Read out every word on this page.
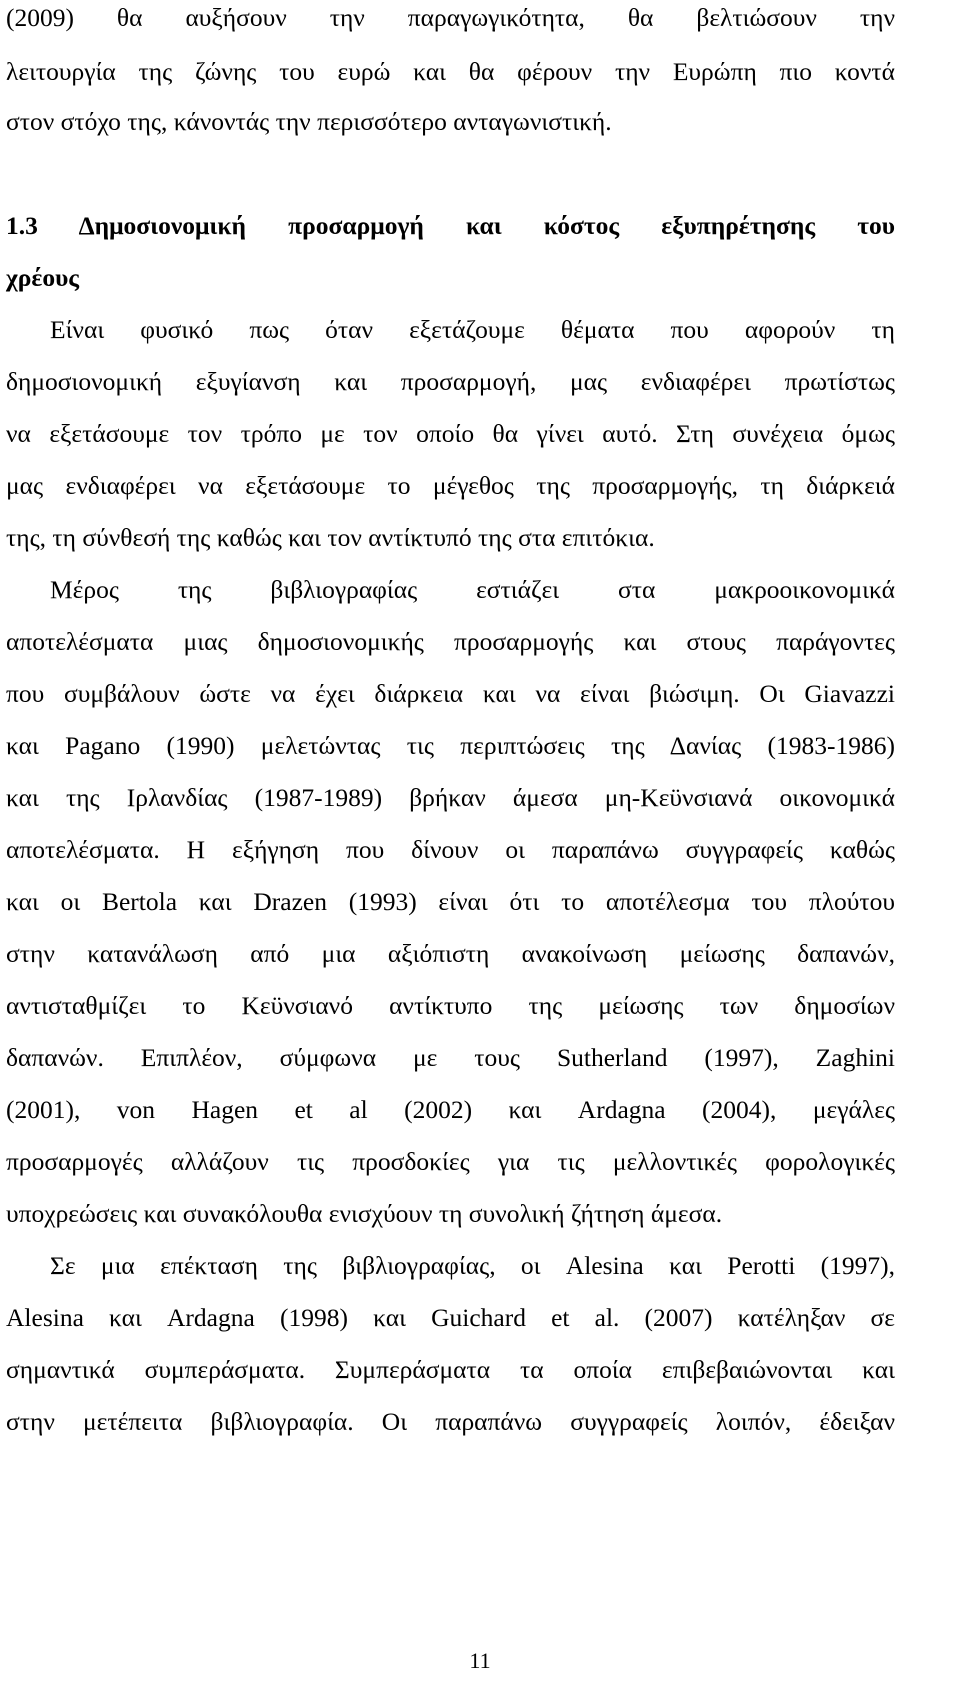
(2009) θα αυξήσουν την παραγωγικότητα, θα βελτιώσουν την
λειτουργία της ζώνης του ευρώ και θα φέρουν την Ευρώπη πιο κοντά
στον στόχο της, κάνοντάς την περισσότερο ανταγωνιστική.
1.3 Δημοσιονομική προσαρμογή και κόστος εξυπηρέτησης του
χρέους
Είναι φυσικό πως όταν εξετάζουμε θέματα που αφορούν τη
δημοσιονομική εξυγίανση και προσαρμογή, μας ενδιαφέρει πρωτίστως
να εξετάσουμε τον τρόπο με τον οποίο θα γίνει αυτό. Στη συνέχεια όμως
μας ενδιαφέρει να εξετάσουμε το μέγεθος της προσαρμογής, τη διάρκειά
της, τη σύνθεσή της καθώς και τον αντίκτυπό της στα επιτόκια.
Μέρος της βιβλιογραφίας εστιάζει στα μακροοικονομικά
αποτελέσματα μιας δημοσιονομικής προσαρμογής και στους παράγοντες
που συμβάλουν ώστε να έχει διάρκεια και να είναι βιώσιμη. Οι Giavazzi
και Pagano (1990) μελετώντας τις περιπτώσεις της Δανίας (1983-1986)
και της Ιρλανδίας (1987-1989) βρήκαν άμεσα μη-Κεϋνσιανά οικονομικά
αποτελέσματα. Η εξήγηση που δίνουν οι παραπάνω συγγραφείς καθώς
και οι Bertola και Drazen (1993) είναι ότι το αποτέλεσμα του πλούτου
στην κατανάλωση από μια αξιόπιστη ανακοίνωση μείωσης δαπανών,
αντισταθμίζει το Κεϋνσιανό αντίκτυπο της μείωσης των δημοσίων
δαπανών. Επιπλέον, σύμφωνα με τους Sutherland (1997), Zaghini
(2001), von Hagen et al (2002) και Ardagna (2004), μεγάλες
προσαρμογές αλλάζουν τις προσδοκίες για τις μελλοντικές φορολογικές
υποχρεώσεις και συνακόλουθα ενισχύουν τη συνολική ζήτηση άμεσα.
Σε μια επέκταση της βιβλιογραφίας, οι Alesina και Perotti (1997),
Alesina και Ardagna (1998) και Guichard et al. (2007) κατέληξαν σε
σημαντικά συμπεράσματα. Συμπεράσματα τα οποία επιβεβαιώνονται και
στην μετέπειτα βιβλιογραφία. Οι παραπάνω συγγραφείς λοιπόν, έδειξαν
11
